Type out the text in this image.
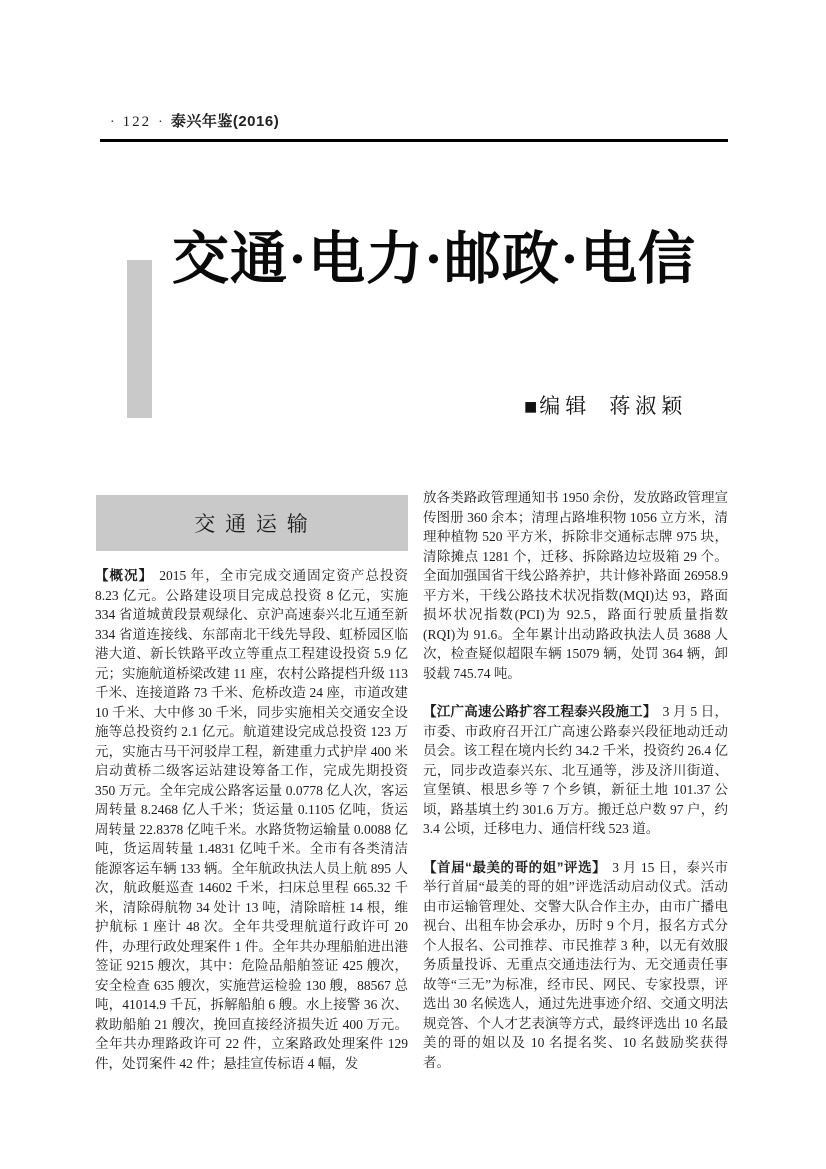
· 122 · 泰兴年鉴(2016)
交通·电力·邮政·电信
■编辑 蒋淑颖
交 通 运 输

【概况】 2015 年，全市完成交通固定资产总投资 8.23 亿元。公路建设项目完成总投资 8 亿元，实施 334 省道城黄段景观绿化、京沪高速泰兴北互通至新 334 省道连接线、东部南北干线先导段、虹桥园区临港大道、新长铁路平改立等重点工程建设投资 5.9 亿元；实施航道桥梁改建 11 座，农村公路提档升级 113 千米、连接道路 73 千米、危桥改造 24 座，市道改建 10 千米、大中修 30 千米，同步实施相关交通安全设施等总投资约 2.1 亿元。航道建设完成总投资 123 万元，实施古马干河驳岸工程，新建重力式护岸 400 米启动黄桥二级客运站建设筹备工作，完成先期投资 350 万元。全年完成公路客运量 0.0778 亿人次，客运周转量 8.2468 亿人千米；货运量 0.1105 亿吨，货运周转量 22.8378 亿吨千米。水路货物运输量 0.0088 亿吨，货运周转量 1.4831 亿吨千米。全市有各类清洁能源客运车辆 133 辆。全年航政执法人员上航 895 人次，航政艇巡查 14602 千米，扫床总里程 665.32 千米，清除碍航物 34 处计 13 吨，清除暗桩 14 根，维护航标 1 座计 48 次。全年共受理航道行政许可 20 件，办理行政处理案件 1 件。全年共办理船舶进出港签证 9215 艘次，其中：危险品船舶签证 425 艘次，安全检查 635 艘次，实施营运检验 130 艘，88567 总吨，41014.9 千瓦，拆解船舶 6 艘。水上接警 36 次、救助船舶 21 艘次，挽回直接经济损失近 400 万元。全年共办理路政许可 22 件，立案路政处理案件 129 件，处罚案件 42 件；悬挂宣传标语 4 幅，发

放各类路政管理通知书 1950 余份，发放路政管理宣传图册 360 余本；清理占路堆积物 1056 立方米，清理种植物 520 平方米，拆除非交通标志牌 975 块，清除摊点 1281 个，迁移、拆除路边垃圾箱 29 个。全面加强国省干线公路养护，共计修补路面 26958.9 平方米，干线公路技术状况指数(MQI)达 93，路面损坏状况指数(PCI)为 92.5，路面行驶质量指数(RQI)为 91.6。全年累计出动路政执法人员 3688 人次，检查疑似超限车辆 15079 辆，处罚 364 辆，卸驳载 745.74 吨。

【江广高速公路扩容工程泰兴段施工】 3 月 5 日，市委、市政府召开江广高速公路泰兴段征地动迁动员会。该工程在境内长约 34.2 千米，投资约 26.4 亿元，同步改造泰兴东、北互通等，涉及济川街道、宣堡镇、根思乡等 7 个乡镇，新征土地 101.37 公顷，路基填土约 301.6 万方。搬迁总户数 97 户，约 3.4 公顷，迁移电力、通信杆线 523 道。

【首届“最美的哥的姐”评选】 3 月 15 日，泰兴市举行首届“最美的哥的姐”评选活动启动仪式。活动由市运输管理处、交警大队合作主办，由市广播电视台、出租车协会承办，历时 9 个月，报名方式分个人报名、公司推荐、市民推荐 3 种，以无有效服务质量投诉、无重点交通违法行为、无交通责任事故等“三无”为标准，经市民、网民、专家投票，评选出 30 名候选人，通过先进事迹介绍、交通文明法规竞答、个人才艺表演等方式，最终评选出 10 名最美的哥的姐以及 10 名提名奖、10 名鼓励奖获得者。
